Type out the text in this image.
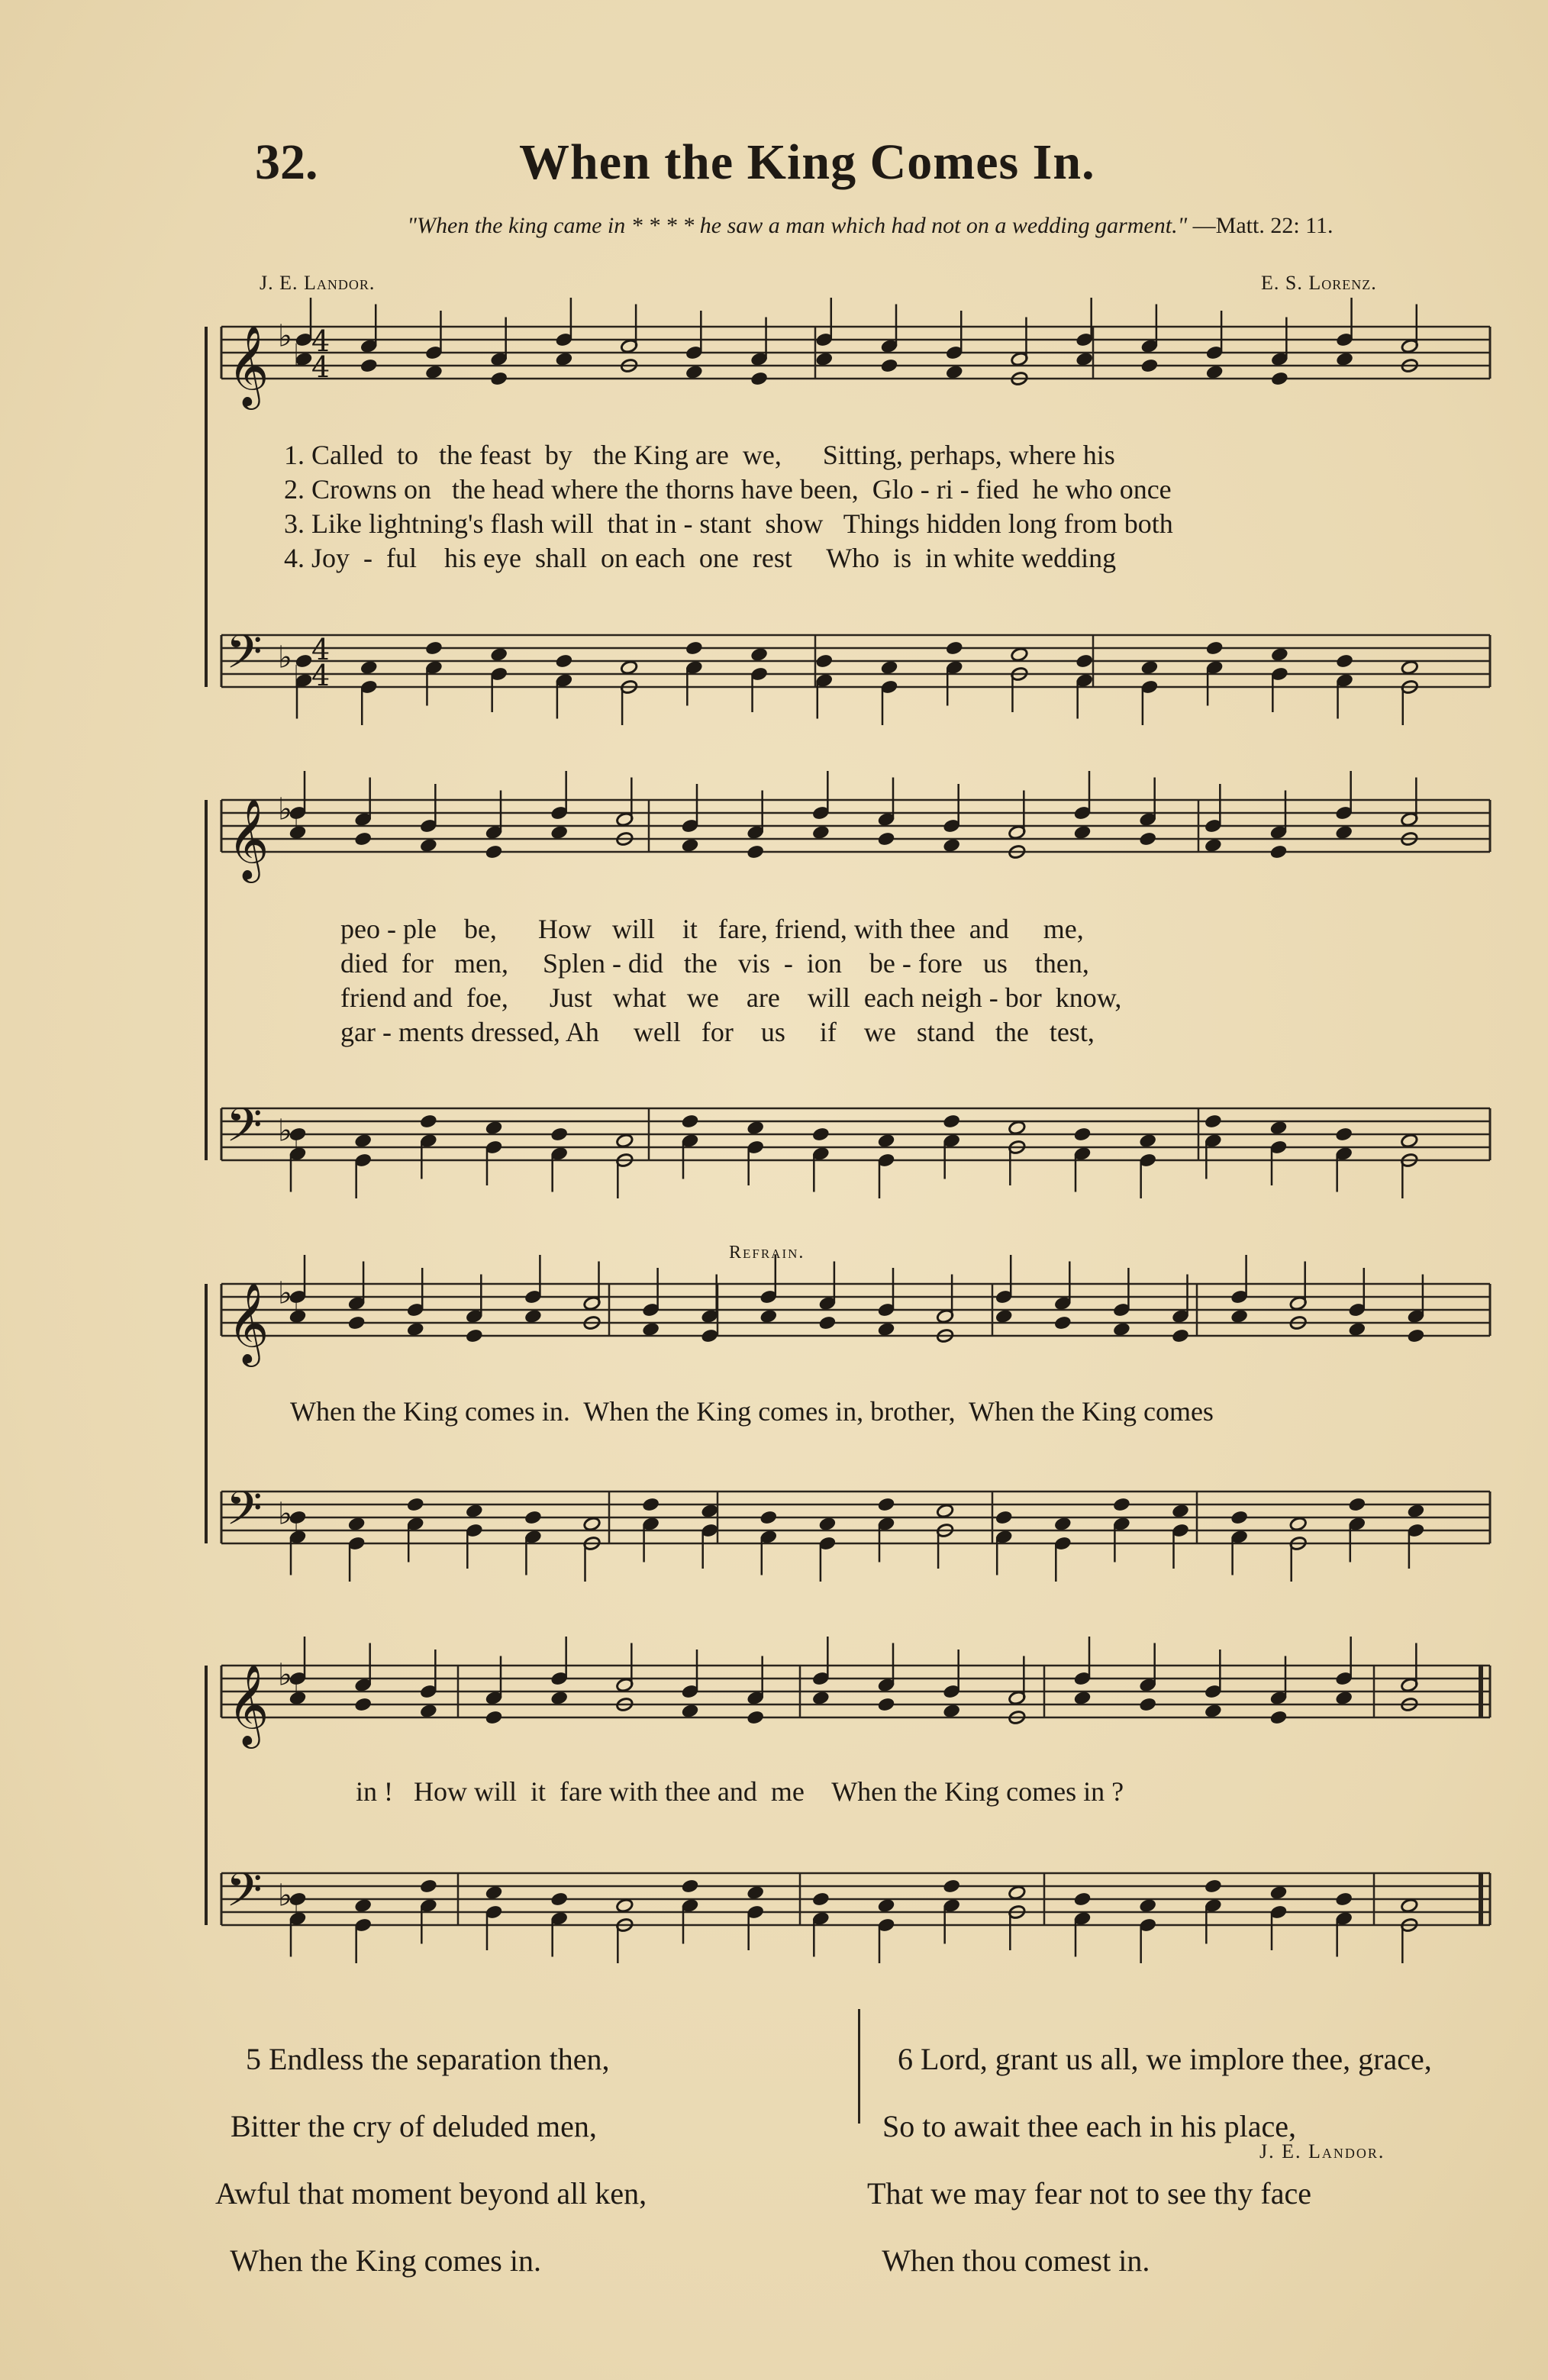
32.	When the King Comes In.
"When the king came in * * * * he saw a man which had not on a wedding garment." —Matt. 22: 11.
J. E. Landor.	E. S. Lorenz.
𝄞 ♭
♭ 4
4
𝄢 ♭
♭
4
4
𝄞 ♭
♭
𝄢 ♭
♭
𝄞 ♭
♭
𝄢 ♭
♭
𝄞 ♭
♭
𝄢 ♭
♭
1. Called  to   the feast  by   the King are  we,      Sitting, perhaps, where his
2. Crowns on   the head where the thorns have been,  Glo - ri - fied  he who once
3. Like lightning's flash will  that in - stant  show   Things hidden long from both
4. Joy  -  ful    his eye  shall  on each  one  rest     Who  is  in white wedding
peo - ple    be,      How   will    it   fare, friend, with thee  and     me,
died  for   men,     Splen - did   the   vis  -  ion    be - fore   us    then,
friend and  foe,      Just   what   we    are    will  each neigh - bor  know,
gar - ments dressed, Ah     well   for    us     if    we   stand   the   test,
Refrain.
When the King comes in.  When the King comes in, brother,  When the King comes
in !   How will  it  fare with thee and  me    When the King comes in ?

5 Endless the separation then,

Bitter the cry of deluded men,

Awful that moment beyond all ken,

When the King comes in.

6 Lord, grant us all, we implore thee, grace,

So to await thee each in his place,

That we may fear not to see thy face

When thou comest in.

J. E. Landor.
